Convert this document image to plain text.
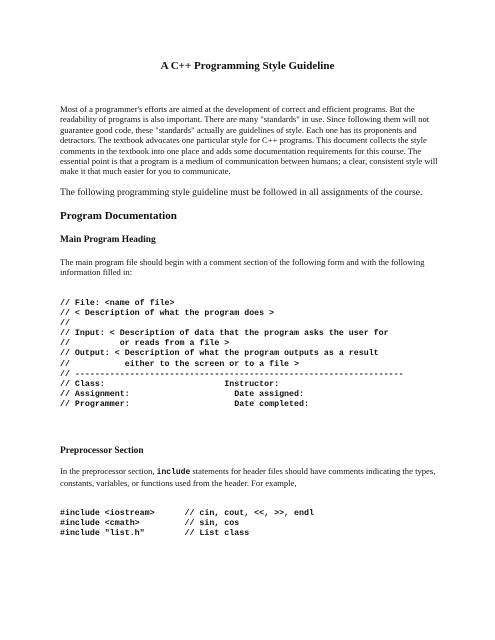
A C++ Programming Style Guideline

Most of a programmer's efforts are aimed at the development of correct and efficient programs. But the readability of programs is also important. There are many "standards" in use. Since following them will not guarantee good code, these "standards" actually are guidelines of style. Each one has its proponents and detractors. The textbook advocates one particular style for C++ programs. This document collects the style comments in the textbook into one place and adds some documentation requirements for this course. The essential point is that a program is a medium of communication between humans; a clear, consistent style will make it that much easier for you to communicate.

The following programming style guideline must be followed in all assignments of the course.

Program Documentation
Main Program Heading

The main program file should begin with a comment section of the following form and with the following information filled in:

// File: <name of file>
// < Description of what the program does >
//
// Input: < Description of data that the program asks the user for
//          or reads from a file >
// Output: < Description of what the program outputs as a result
//           either to the screen or to a file >
// ------------------------------------------------------------------
// Class:                        Instructor:
// Assignment:                     Date assigned:
// Programmer:                     Date completed:
Preprocessor Section

In the preprocessor section, include statements for header files should have comments indicating the types, constants, variables, or functions used from the header. For example,

#include <iostream>      // cin, cout, <<, >>, endl
#include <cmath>         // sin, cos
#include "list.h"        // List class
